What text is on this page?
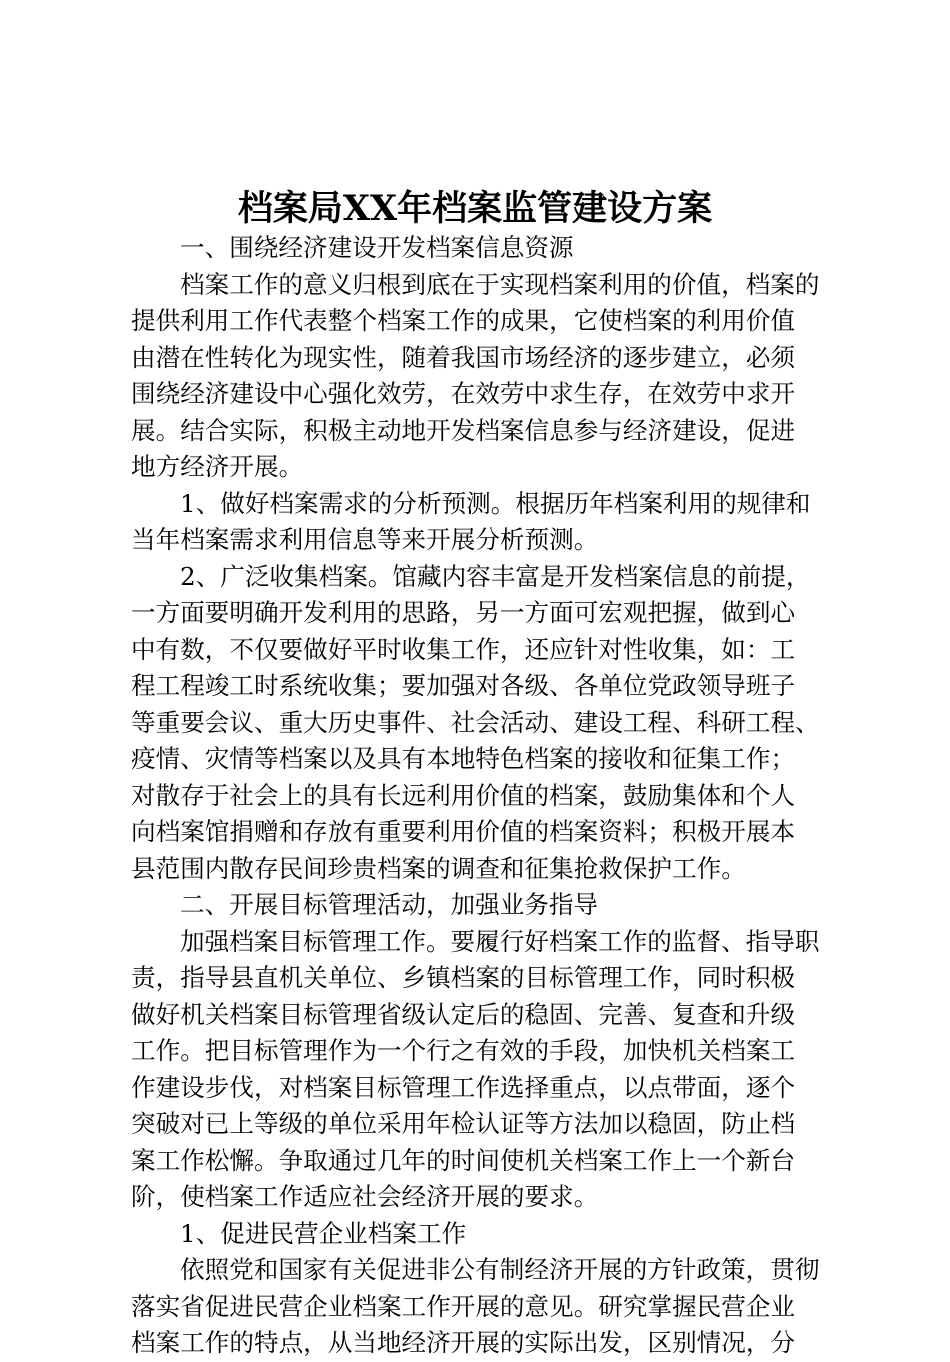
档案局XX年档案监管建设方案
一、围绕经济建设开发档案信息资源
档案工作的意义归根到底在于实现档案利用的价值，档案的
提供利用工作代表整个档案工作的成果，它使档案的利用价值
由潜在性转化为现实性，随着我国市场经济的逐步建立，必须
围绕经济建设中心强化效劳，在效劳中求生存，在效劳中求开
展。结合实际，积极主动地开发档案信息参与经济建设，促进
地方经济开展。
1、做好档案需求的分析预测。根据历年档案利用的规律和
当年档案需求利用信息等来开展分析预测。
2、广泛收集档案。馆藏内容丰富是开发档案信息的前提，
一方面要明确开发利用的思路，另一方面可宏观把握，做到心
中有数，不仅要做好平时收集工作，还应针对性收集，如：工
程工程竣工时系统收集；要加强对各级、各单位党政领导班子
等重要会议、重大历史事件、社会活动、建设工程、科研工程、
疫情、灾情等档案以及具有本地特色档案的接收和征集工作；
对散存于社会上的具有长远利用价值的档案，鼓励集体和个人
向档案馆捐赠和存放有重要利用价值的档案资料；积极开展本
县范围内散存民间珍贵档案的调查和征集抢救保护工作。
二、开展目标管理活动，加强业务指导
加强档案目标管理工作。要履行好档案工作的监督、指导职
责，指导县直机关单位、乡镇档案的目标管理工作，同时积极
做好机关档案目标管理省级认定后的稳固、完善、复查和升级
工作。把目标管理作为一个行之有效的手段，加快机关档案工
作建设步伐，对档案目标管理工作选择重点，以点带面，逐个
突破对已上等级的单位采用年检认证等方法加以稳固，防止档
案工作松懈。争取通过几年的时间使机关档案工作上一个新台
阶，使档案工作适应社会经济开展的要求。
1、促进民营企业档案工作
依照党和国家有关促进非公有制经济开展的方针政策，贯彻
落实省促进民营企业档案工作开展的意见。研究掌握民营企业
档案工作的特点，从当地经济开展的实际出发，区别情况，分
